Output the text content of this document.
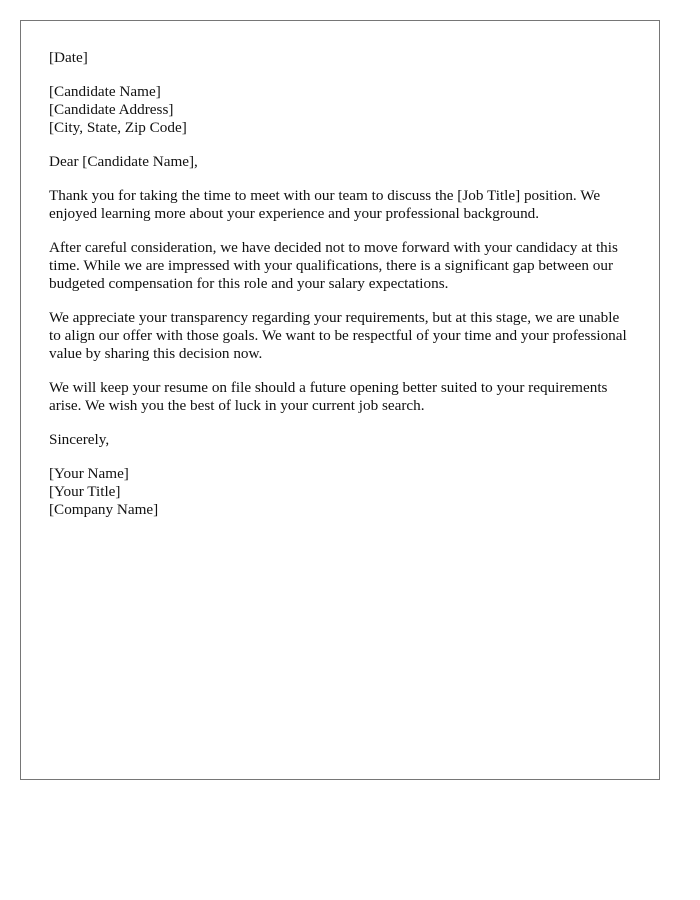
[Date]
[Candidate Name]
[Candidate Address]
[City, State, Zip Code]

Dear [Candidate Name],

Thank you for taking the time to meet with our team to discuss the [Job Title] position. We enjoyed learning more about your experience and your professional background.

After careful consideration, we have decided not to move forward with your candidacy at this time. While we are impressed with your qualifications, there is a significant gap between our budgeted compensation for this role and your salary expectations.

We appreciate your transparency regarding your requirements, but at this stage, we are unable to align our offer with those goals. We want to be respectful of your time and your professional value by sharing this decision now.

We will keep your resume on file should a future opening better suited to your requirements arise. We wish you the best of luck in your current job search.

Sincerely,

[Your Name]
[Your Title]
[Company Name]
